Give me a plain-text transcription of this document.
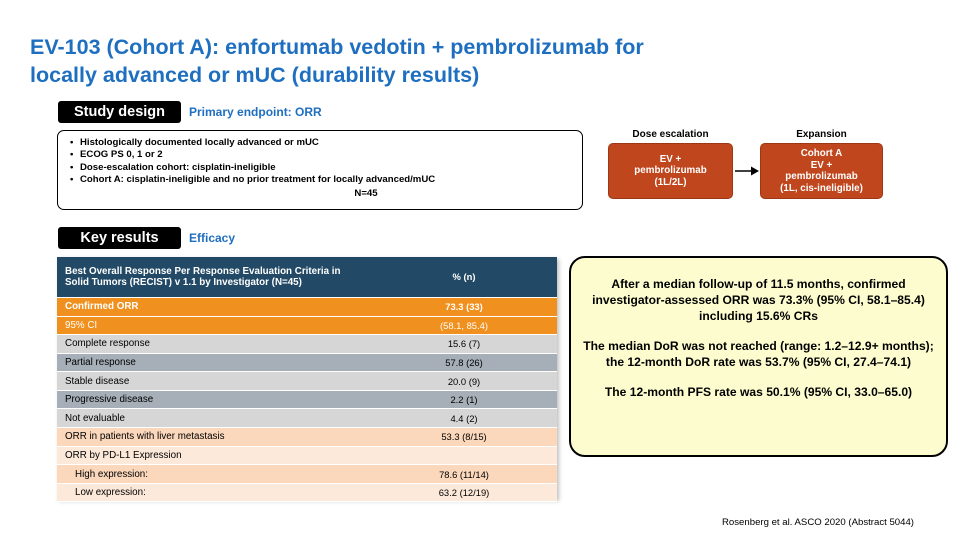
EV-103 (Cohort A): enfortumab vedotin + pembrolizumab for
locally advanced or mUC (durability results)
Study design	Primary endpoint: ORR
• Histologically documented locally advanced or mUC
• ECOG PS 0, 1 or 2
• Dose-escalation cohort: cisplatin-ineligible
• Cohort A: cisplatin-ineligible and no prior treatment for locally advanced/mUC
N=45
Dose escalation
EV +
pembrolizumab
(1L/2L)
Expansion
Cohort A
EV +
pembrolizumab
(1L, cis-ineligible)
Key results	Efficacy
Best Overall Response Per Response Evaluation Criteria in Solid Tumors (RECIST) v 1.1 by Investigator (N=45)	% (n)
Confirmed ORR	73.3 (33)
95% CI	(58.1, 85.4)
Complete response	15.6 (7)
Partial response	57.8 (26)
Stable disease	20.0 (9)
Progressive disease	2.2 (1)
Not evaluable	4.4 (2)
ORR in patients with liver metastasis	53.3 (8/15)
ORR by PD-L1 Expression	
High expression:	78.6 (11/14)
Low expression:	63.2 (12/19)

After a median follow-up of 11.5 months, confirmed investigator-assessed ORR was 73.3% (95% CI, 58.1–85.4) including 15.6% CRs

The median DoR was not reached (range: 1.2–12.9+ months); the 12-month DoR rate was 53.7% (95% CI, 27.4–74.1)

The 12-month PFS rate was 50.1% (95% CI, 33.0–65.0)

Rosenberg et al. ASCO 2020 (Abstract 5044)
